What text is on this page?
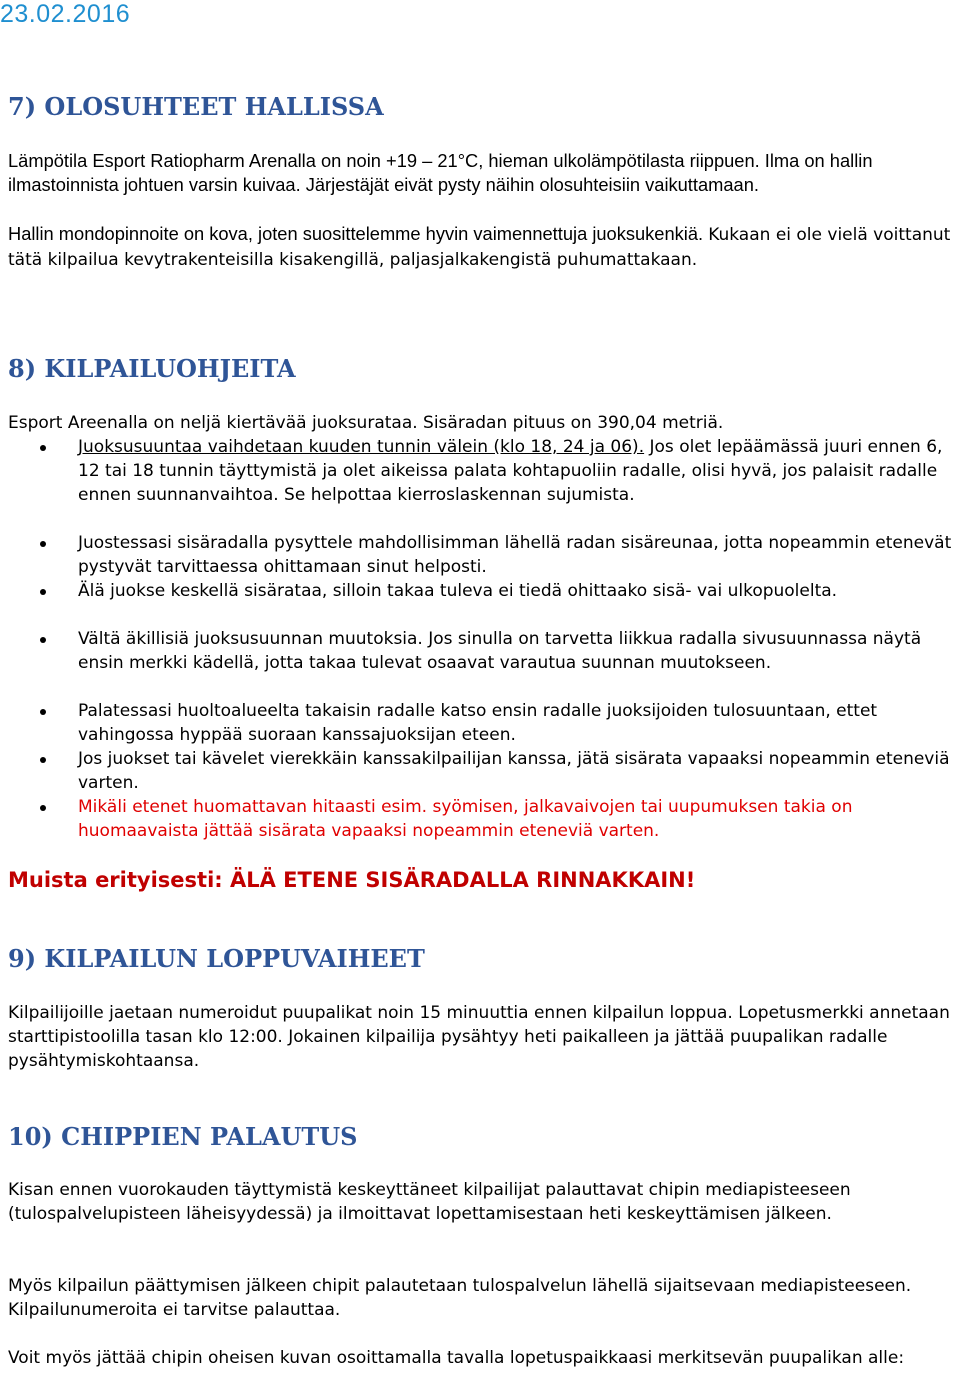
23.02.2016
7) OLOSUHTEET HALLISSA

Lämpötila Esport Ratiopharm Arenalla on noin +19 – 21°C, hieman ulkolämpötilasta riippuen. Ilma on hallin ilmastoinnista johtuen varsin kuivaa. Järjestäjät eivät pysty näihin olosuhteisiin vaikuttamaan.

Hallin mondopinnoite on kova, joten suosittelemme hyvin vaimennettuja juoksukenkiä. Kukaan ei ole vielä voittanut tätä kilpailua kevytrakenteisilla kisakengillä, paljasjalkakengistä puhumattakaan.

8) KILPAILUOHJEITA

Esport Areenalla on neljä kiertävää juoksurataa. Sisäradan pituus on 390,04 metriä.

Juoksusuuntaa vaihdetaan kuuden tunnin välein (klo 18, 24 ja 06). Jos olet lepäämässä juuri ennen 6, 12 tai 18 tunnin täyttymistä ja olet aikeissa palata kohtapuoliin radalle, olisi hyvä, jos palaisit radalle ennen suunnanvaihtoa. Se helpottaa kierroslaskennan sujumista.
Juostessasi sisäradalla pysyttele mahdollisimman lähellä radan sisäreunaa, jotta nopeammin etenevät pystyvät tarvittaessa ohittamaan sinut helposti.
Älä juokse keskellä sisärataa, silloin takaa tuleva ei tiedä ohittaako sisä- vai ulkopuolelta.
Vältä äkillisiä juoksusuunnan muutoksia. Jos sinulla on tarvetta liikkua radalla sivusuunnassa näytä ensin merkki kädellä, jotta takaa tulevat osaavat varautua suunnan muutokseen.
Palatessasi huoltoalueelta takaisin radalle katso ensin radalle juoksijoiden tulosuuntaan, ettet vahingossa hyppää suoraan kanssajuoksijan eteen.
Jos juokset tai kävelet vierekkäin kanssakilpailijan kanssa, jätä sisärata vapaaksi nopeammin eteneviä varten.
Mikäli etenet huomattavan hitaasti esim. syömisen, jalkavaivojen tai uupumuksen takia on huomaavaista jättää sisärata vapaaksi nopeammin eteneviä varten.
Muista erityisesti: ÄLÄ ETENE SISÄRADALLA RINNAKKAIN!
9) KILPAILUN LOPPUVAIHEET

Kilpailijoille jaetaan numeroidut puupalikat noin 15 minuuttia ennen kilpailun loppua. Lopetusmerkki annetaan starttipistoolilla tasan klo 12:00. Jokainen kilpailija pysähtyy heti paikalleen ja jättää puupalikan radalle pysähtymiskohtaansa.

10) CHIPPIEN PALAUTUS

Kisan ennen vuorokauden täyttymistä keskeyttäneet kilpailijat palauttavat chipin mediapisteeseen (tulospalvelupisteen läheisyydessä) ja ilmoittavat lopettamisestaan heti keskeyttämisen jälkeen.

Myös kilpailun päättymisen jälkeen chipit palautetaan tulospalvelun lähellä sijaitsevaan mediapisteeseen. Kilpailunumeroita ei tarvitse palauttaa.

Voit myös jättää chipin oheisen kuvan osoittamalla tavalla lopetuspaikkaasi merkitsevän puupalikan alle:
